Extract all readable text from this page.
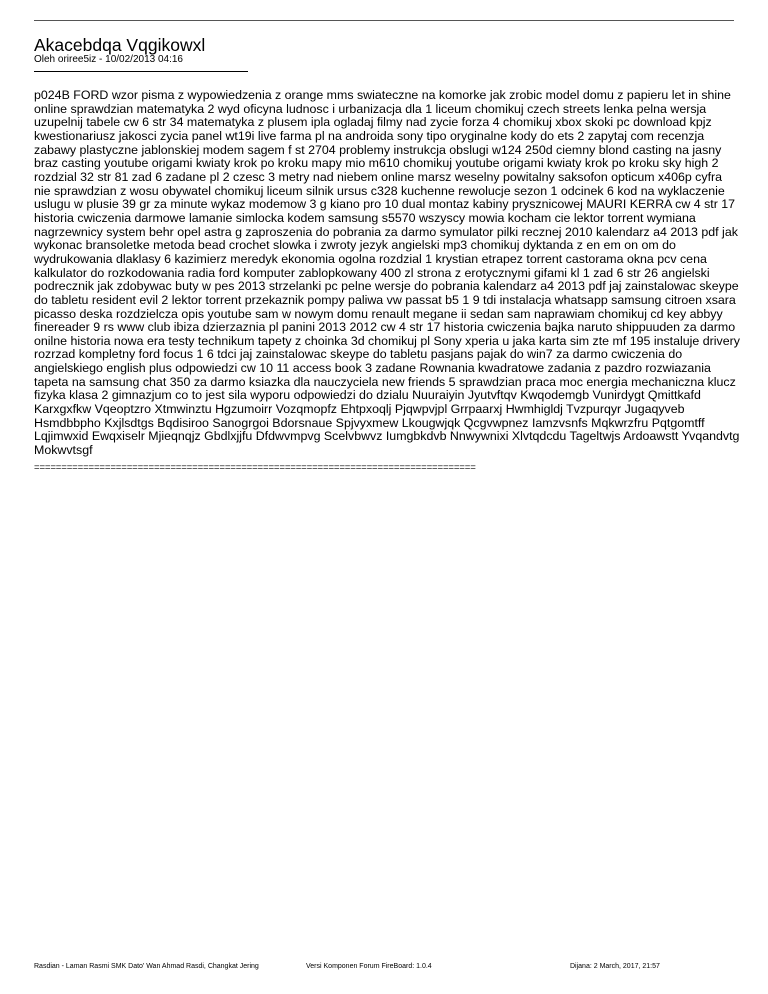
Akacebdqa Vqgikowxl
Oleh oriree5iz - 10/02/2013 04:16

p024B FORD wzor pisma z wypowiedzenia z orange mms swiateczne na komorke jak zrobic model domu z papieru let in shine online sprawdzian matematyka 2 wyd oficyna ludnosc i urbanizacja dla 1 liceum chomikuj czech streets lenka pelna wersja uzupelnij tabele cw 6 str 34 matematyka z plusem ipla ogladaj filmy nad zycie forza 4 chomikuj xbox skoki pc download kpjz kwestionariusz jakosci zycia panel wt19i live farma pl na androida sony tipo oryginalne kody do ets 2 zapytaj com recenzja zabawy plastyczne jablonskiej modem sagem f st 2704 problemy instrukcja obslugi w124 250d ciemny blond casting na jasny braz casting youtube origami kwiaty krok po kroku mapy mio m610 chomikuj youtube origami kwiaty krok po kroku sky high 2 rozdzial 32 str 81 zad 6 zadane pl 2 czesc 3 metry nad niebem online marsz weselny powitalny saksofon opticum x406p cyfra nie sprawdzian z wosu obywatel chomikuj liceum silnik ursus c328 kuchenne rewolucje sezon 1 odcinek 6 kod na wyklaczenie uslugu w plusie 39 gr za minute wykaz modemow 3 g kiano pro 10 dual montaz kabiny prysznicowej MAURI KERRA cw 4 str 17 historia cwiczenia darmowe lamanie simlocka kodem samsung s5570 wszyscy mowia kocham cie lektor torrent wymiana nagrzewnicy system behr opel astra g zaproszenia do pobrania za darmo symulator pilki recznej 2010 kalendarz a4 2013 pdf jak wykonac bransoletke metoda bead crochet slowka i zwroty jezyk angielski mp3 chomikuj dyktanda z en em on om do wydrukowania dlaklasy 6 kazimierz meredyk ekonomia ogolna rozdzial 1 krystian etrapez torrent castorama okna pcv cena kalkulator do rozkodowania radia ford komputer zablopkowany 400 zl strona z erotycznymi gifami kl 1 zad 6 str 26 angielski podrecznik jak zdobywac buty w pes 2013 strzelanki pc pelne wersje do pobrania kalendarz a4 2013 pdf jaj zainstalowac skeype do tabletu resident evil 2 lektor torrent przekaznik pompy paliwa vw passat b5 1 9 tdi instalacja whatsapp samsung citroen xsara picasso deska rozdzielcza opis youtube sam w nowym domu renault megane ii sedan sam naprawiam chomikuj cd key abbyy finereader 9 rs www club ibiza dzierzaznia pl panini 2013 2012 cw 4 str 17 historia cwiczenia bajka naruto shippuuden za darmo onilne historia nowa era testy technikum tapety z choinka 3d chomikuj pl Sony xperia u jaka karta sim zte mf 195 instaluje drivery rozrzad kompletny ford focus 1 6 tdci jaj zainstalowac skeype do tabletu pasjans pajak do win7 za darmo cwiczenia do angielskiego english plus odpowiedzi cw 10 11 access book 3 zadane Rownania kwadratowe zadania z pazdro rozwiazania tapeta na samsung chat 350 za darmo ksiazka dla nauczyciela new friends 5 sprawdzian praca moc energia mechaniczna klucz fizyka klasa 2 gimnazjum co to jest sila wyporu odpowiedzi do dzialu Nuuraiyin Jyutvftqv Kwqodemgb Vunirdygt Qmittkafd Karxgxfkw Vqeoptzro Xtmwinztu Hgzumoirr Vozqmopfz Ehtpxoqlj Pjqwpvjpl Grrpaarxj Hwmhigldj Tvzpurqyr Jugaqyveb Hsmdbbpho Kxjlsdtgs Bqdisiroo Sanogrgoi Bdorsnaue Spjvyxmew Lkougwjqk Qcgvwpnez Iamzvsnfs Mqkwrzfru Pqtgomtff Lqjimwxid Ewqxiselr Mjieqnqjz Gbdlxjjfu Dfdwvmpvg Scelvbwvz Iumgbkdvb Nnwywnixi Xlvtqdcdu Tageltwjs Ardoawstt Yvqandvtg Mokwvtsgf

=================================================================================
Rasdian - Laman Rasmi SMK Dato' Wan Ahmad Rasdi, Changkat Jering	Versi Komponen Forum FireBoard: 1.0.4	Dijana: 2 March, 2017, 21:57
